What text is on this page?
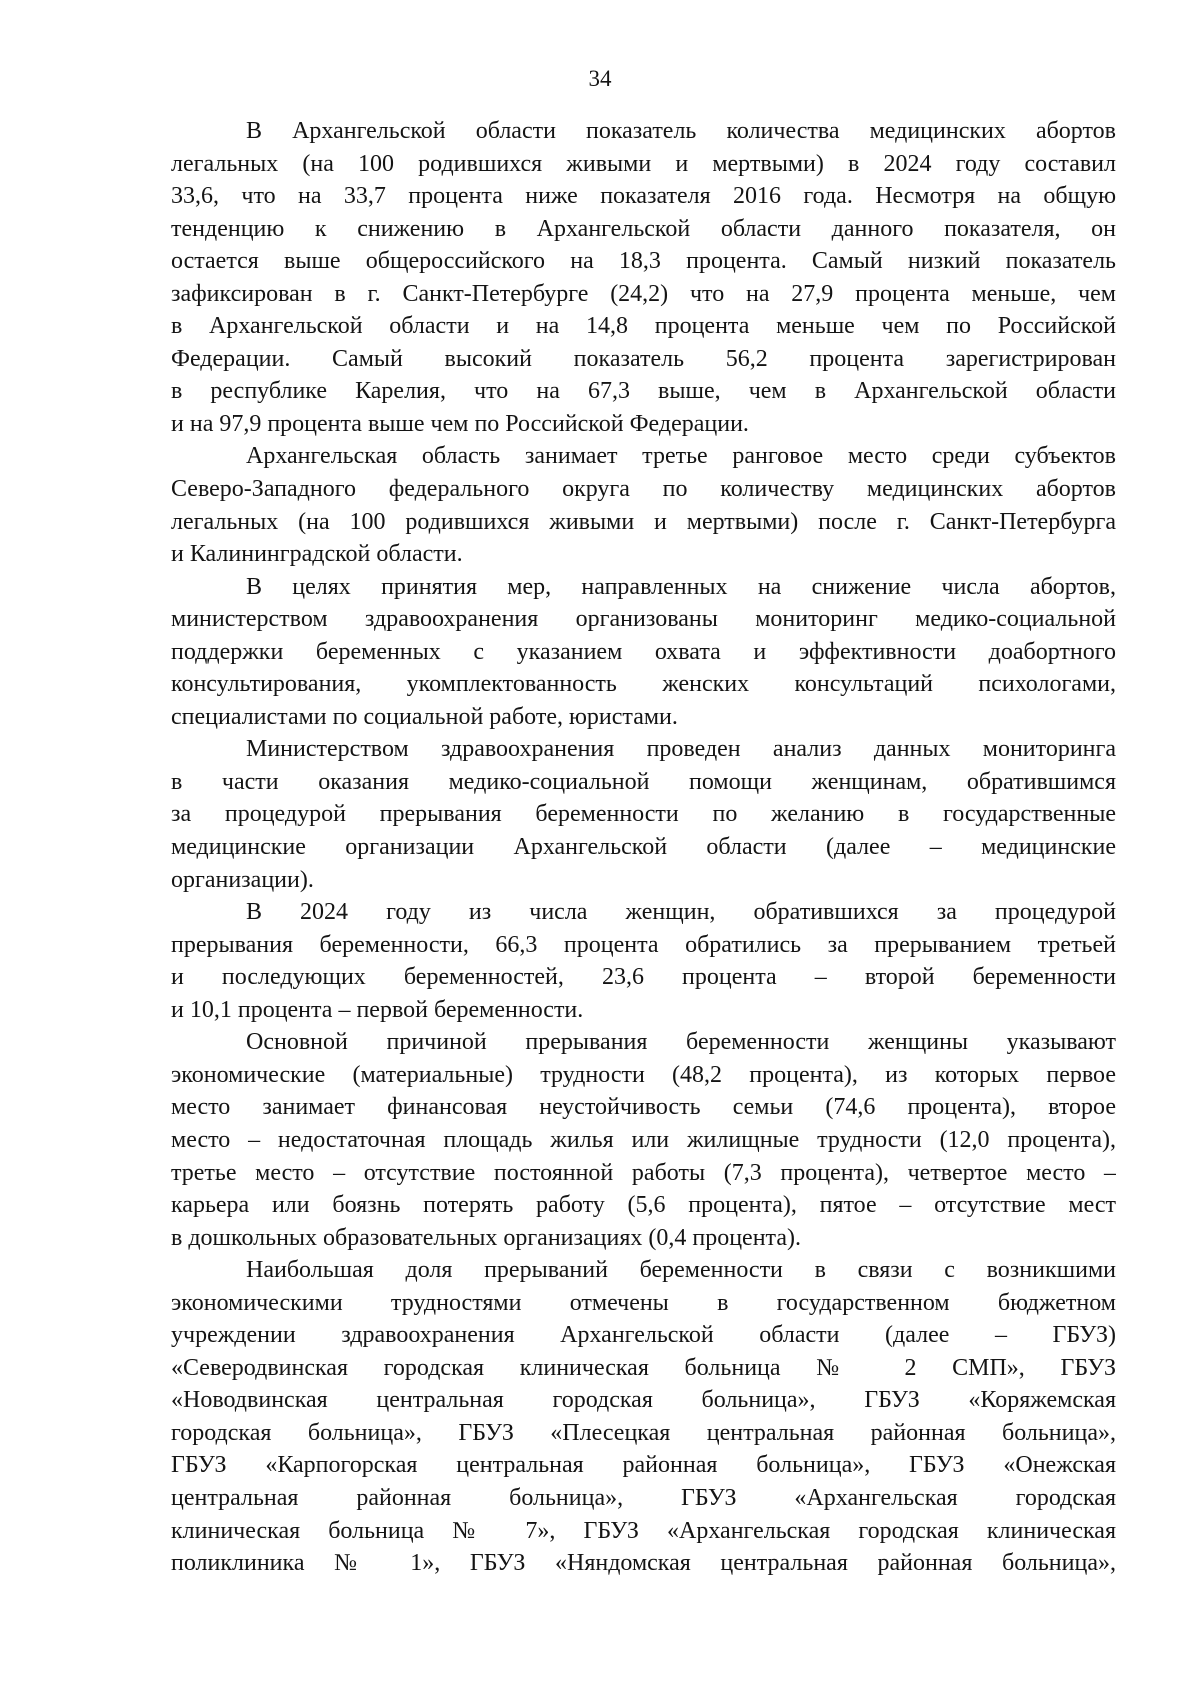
34
В Архангельской области показатель количества медицинских абортов
легальных (на 100 родившихся живыми и мертвыми) в 2024 году составил
33,6, что на 33,7 процента ниже показателя 2016 года. Несмотря на общую
тенденцию к снижению в Архангельской области данного показателя, он
остается выше общероссийского на 18,3 процента. Самый низкий показатель
зафиксирован в г. Санкт-Петербурге (24,2) что на 27,9 процента меньше, чем
в Архангельской области и на 14,8 процента меньше чем по Российской
Федерации. Самый высокий показатель 56,2 процента зарегистрирован
в республике Карелия, что на 67,3 выше, чем в Архангельской области
и на 97,9 процента выше чем по Российской Федерации.
Архангельская область занимает третье ранговое место среди субъектов
Северо-Западного федерального округа по количеству медицинских абортов
легальных (на 100 родившихся живыми и мертвыми) после г. Санкт-Петербурга
и Калининградской области.
В целях принятия мер, направленных на снижение числа абортов,
министерством здравоохранения организованы мониторинг медико-социальной
поддержки беременных с указанием охвата и эффективности доабортного
консультирования, укомплектованность женских консультаций психологами,
специалистами по социальной работе, юристами.
Министерством здравоохранения проведен анализ данных мониторинга
в части оказания медико-социальной помощи женщинам, обратившимся
за процедурой прерывания беременности по желанию в государственные
медицинские организации Архангельской области (далее – медицинские
организации).
В 2024 году из числа женщин, обратившихся за процедурой
прерывания беременности, 66,3 процента обратились за прерыванием третьей
и последующих беременностей, 23,6 процента – второй беременности
и 10,1 процента – первой беременности.
Основной причиной прерывания беременности женщины указывают
экономические (материальные) трудности (48,2 процента), из которых первое
место занимает финансовая неустойчивость семьи (74,6 процента), второе
место – недостаточная площадь жилья или жилищные трудности (12,0 процента),
третье место – отсутствие постоянной работы (7,3 процента), четвертое место –
карьера или боязнь потерять работу (5,6 процента), пятое – отсутствие мест
в дошкольных образовательных организациях (0,4 процента).
Наибольшая доля прерываний беременности в связи с возникшими
экономическими трудностями отмечены в государственном бюджетном
учреждении здравоохранения Архангельской области (далее – ГБУЗ)
«Северодвинская городская клиническая больница № 2 СМП», ГБУЗ
«Новодвинская центральная городская больница», ГБУЗ «Коряжемская
городская больница», ГБУЗ «Плесецкая центральная районная больница»,
ГБУЗ «Карпогорская центральная районная больница», ГБУЗ «Онежская
центральная районная больница», ГБУЗ «Архангельская городская
клиническая больница № 7», ГБУЗ «Архангельская городская клиническая
поликлиника № 1», ГБУЗ «Няндомская центральная районная больница»,
